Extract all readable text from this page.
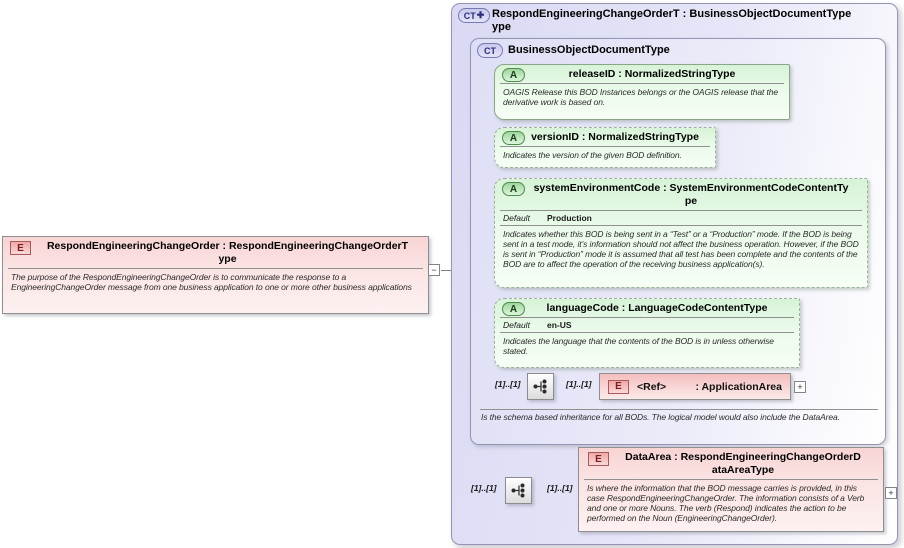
CT ✚ RespondEngineeringChangeOrderT : BusinessObjectDocumentType
ype
CT BusinessObjectDocumentType
A	releaseID : NormalizedStringType
OAGIS Release this BOD Instances belongs or the OAGIS release that the derivative work is based on.
A	versionID : NormalizedStringType
Indicates the version of the given BOD definition.
A	systemEnvironmentCode : SystemEnvironmentCodeContentTy
pe
Default	Production
Indicates whether this BOD is being sent in a “Test” or a “Production” mode. If the BOD is being sent in a test mode, it’s information should not affect the business operation. However, if the BOD is sent in “Production” mode it is assumed that all test has been complete and the contents of the BOD are to affect the operation of the receiving business application(s).
A	languageCode : LanguageCodeContentType
Default	en-US
Indicates the language that the contents of the BOD is in unless otherwise stated.
[1]..[1]	[1]..[1] E <Ref>	: ApplicationArea	+
Is the schema based inheritance for all BODs. The logical model would also include the DataArea.
[1]..[1]	[1]..[1]
E	DataArea : RespondEngineeringChangeOrderD
ataAreaType
Is where the information that the BOD message carries is provided, in this case RespondEngineeringChangeOrder. The information consists of a Verb and one or more Nouns. The verb (Respond) indicates the action to be performed on the Noun (EngineeringChangeOrder).
+
E	RespondEngineeringChangeOrder : RespondEngineeringChangeOrderT
ype
The purpose of the RespondEngineeringChangeOrder is to communicate the response to a EngineeringChangeOrder message from one business application to one or more other business applications
−
